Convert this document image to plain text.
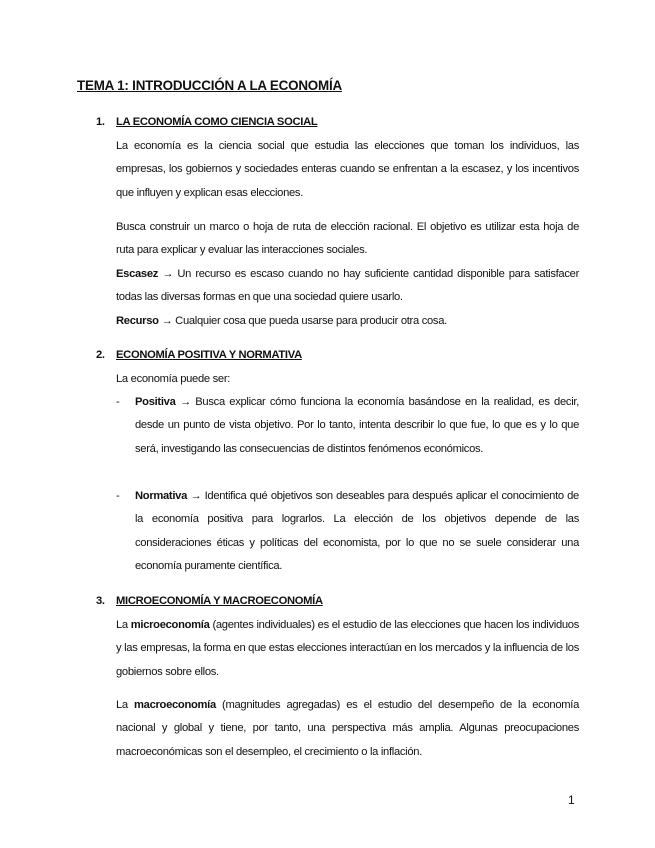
TEMA 1: INTRODUCCIÓN A LA ECONOMÍA
1. LA ECONOMÍA COMO CIENCIA SOCIAL
La economía es la ciencia social que estudia las elecciones que toman los individuos, las empresas, los gobiernos y sociedades enteras cuando se enfrentan a la escasez, y los incentivos que influyen y explican esas elecciones.
Busca construir un marco o hoja de ruta de elección racional. El objetivo es utilizar esta hoja de ruta para explicar y evaluar las interacciones sociales.
Escasez → Un recurso es escaso cuando no hay suficiente cantidad disponible para satisfacer todas las diversas formas en que una sociedad quiere usarlo.
Recurso → Cualquier cosa que pueda usarse para producir otra cosa.
2. ECONOMÍA POSITIVA Y NORMATIVA
La economía puede ser:
- Positiva → Busca explicar cómo funciona la economía basándose en la realidad, es decir, desde un punto de vista objetivo. Por lo tanto, intenta describir lo que fue, lo que es y lo que será, investigando las consecuencias de distintos fenómenos económicos.
- Normativa → Identifica qué objetivos son deseables para después aplicar el conocimiento de la economía positiva para lograrlos. La elección de los objetivos depende de las consideraciones éticas y políticas del economista, por lo que no se suele considerar una economía puramente científica.
3. MICROECONOMÍA Y MACROECONOMÍA
La microeconomía (agentes individuales) es el estudio de las elecciones que hacen los individuos y las empresas, la forma en que estas elecciones interactúan en los mercados y la influencia de los gobiernos sobre ellos.
La macroeconomía (magnitudes agregadas) es el estudio del desempeño de la economía nacional y global y tiene, por tanto, una perspectiva más amplia. Algunas preocupaciones macroeconómicas son el desempleo, el crecimiento o la inflación.
1
